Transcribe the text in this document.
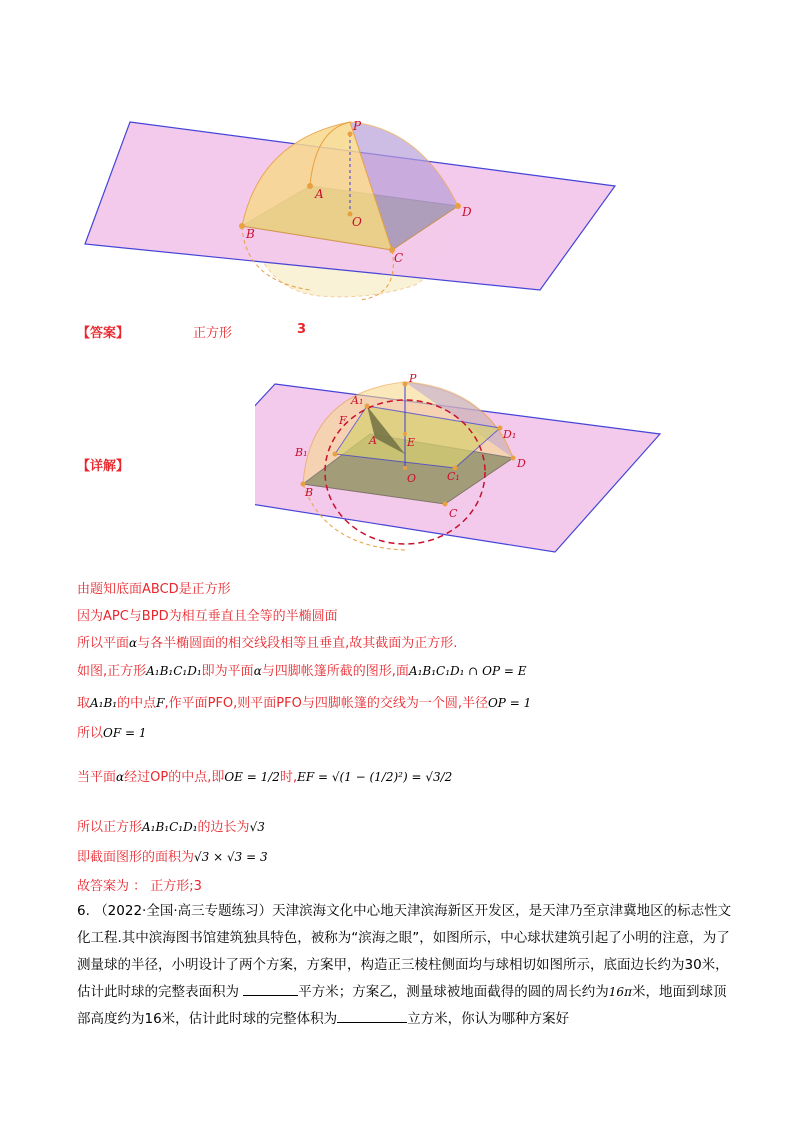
P
A
B
C
D
O
【答案】	正方形	3
P
A₁
A
F
E
D₁
B₁
C₁
D
O
B
C
【详解】
由题知底面ABCD是正方形
因为APC与BPD为相互垂直且全等的半椭圆面
所以平面α与各半椭圆面的相交线段相等且垂直,故其截面为正方形.
如图,正方形A₁B₁C₁D₁即为平面α与四脚帐篷所截的图形,面A₁B₁C₁D₁ ∩ OP = E
取A₁B₁的中点F,作平面PFO,则平面PFO与四脚帐篷的交线为一个圆,半径OP = 1
所以OF = 1
当平面α经过OP的中点,即OE = 1/2时,EF = √(1 − (1/2)²) = √3/2
所以正方形A₁B₁C₁D₁的边长为√3
即截面图形的面积为√3 × √3 = 3
故答案为 ： 正方形;3
6. （2022·全国·高三专题练习）天津滨海文化中心地天津滨海新区开发区，是天津乃至京津冀地区的标志性文化工程.其中滨海图书馆建筑独具特色，被称为“滨海之眼”，如图所示，中心球状建筑引起了小明的注意，为了测量球的半径，小明设计了两个方案，方案甲，构造正三棱柱侧面均与球相切如图所示，底面边长约为30米，估计此时球的完整表面积为	平方米；方案乙，测量球被地面截得的圆的周长约为16π米，地面到球顶部高度约为16米，估计此时球的完整体积为	立方米，你认为哪种方案好
